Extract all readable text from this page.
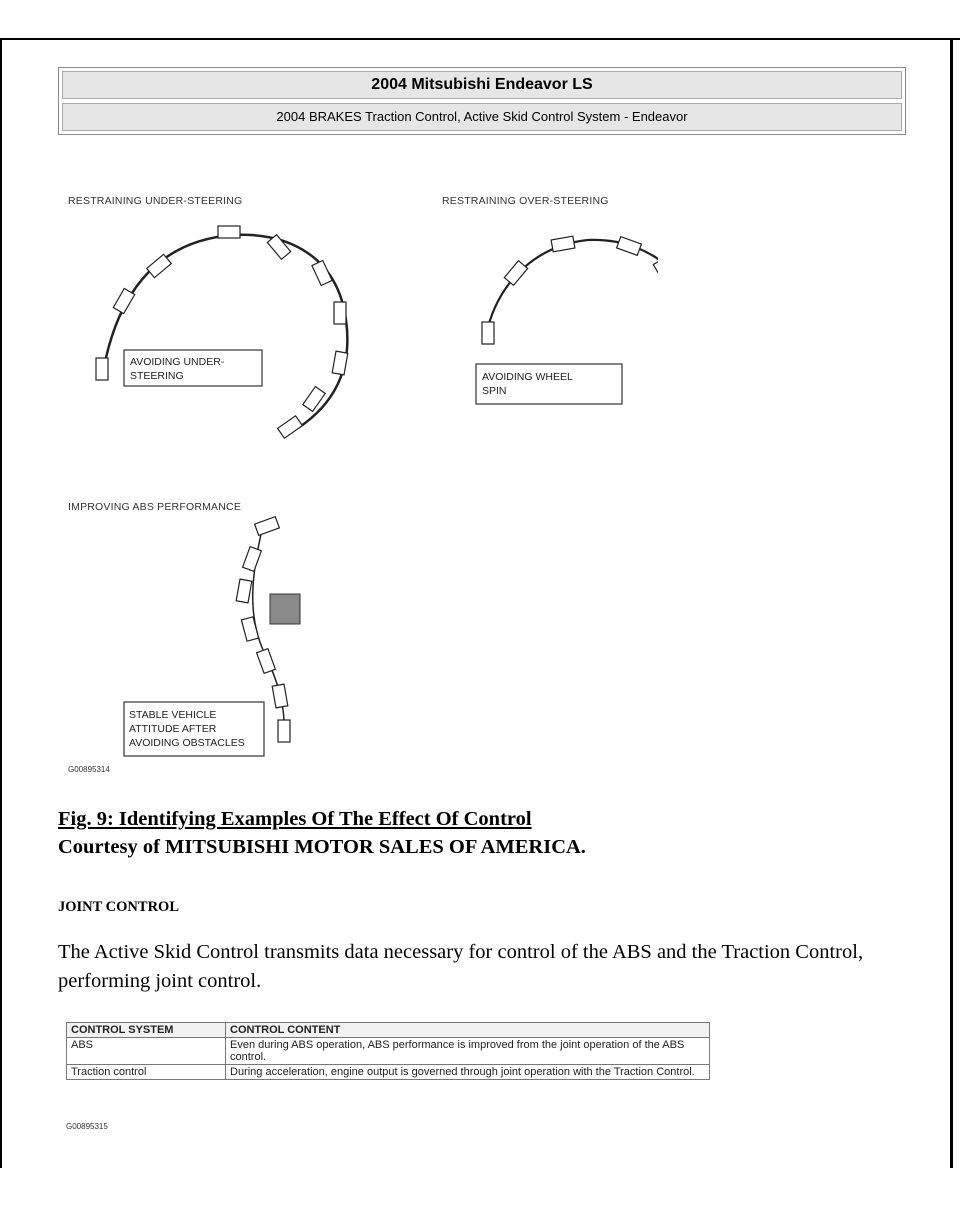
2004 Mitsubishi Endeavor LS
2004 BRAKES Traction Control, Active Skid Control System - Endeavor
RESTRAINING UNDER-STEERING
AVOIDING UNDER-
STEERING
RESTRAINING OVER-STEERING
AVOIDING WHEEL
SPIN
IMPROVING ABS PERFORMANCE
STABLE VEHICLE
ATTITUDE AFTER
AVOIDING OBSTACLES
G00895314
Fig. 9: Identifying Examples Of The Effect Of Control
Courtesy of MITSUBISHI MOTOR SALES OF AMERICA.
JOINT CONTROL
The Active Skid Control transmits data necessary for control of the ABS and the Traction Control, performing joint control.
CONTROL SYSTEM	CONTROL CONTENT
ABS	Even during ABS operation, ABS performance is improved from the joint operation of the ABS control.
Traction control	During acceleration, engine output is governed through joint operation with the Traction Control.
G00895315
